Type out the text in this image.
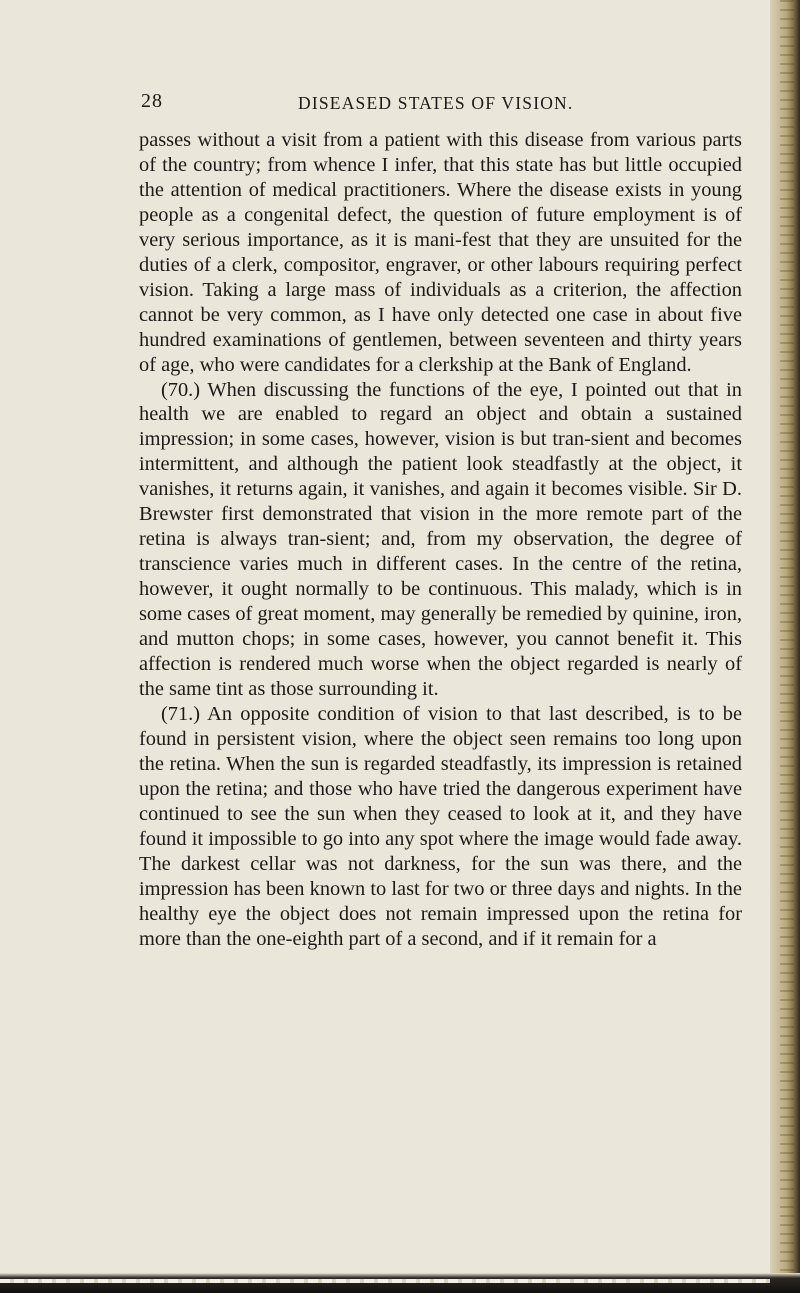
28	DISEASED STATES OF VISION.

passes without a visit from a patient with this disease from various parts of the country; from whence I infer, that this state has but little occupied the attention of medical practitioners. Where the disease exists in young people as a congenital defect, the question of future employment is of very serious importance, as it is mani-fest that they are unsuited for the duties of a clerk, compositor, engraver, or other labours requiring perfect vision. Taking a large mass of individuals as a criterion, the affection cannot be very common, as I have only detected one case in about five hundred examinations of gentlemen, between seventeen and thirty years of age, who were candidates for a clerkship at the Bank of England.

(70.) When discussing the functions of the eye, I pointed out that in health we are enabled to regard an object and obtain a sustained impression; in some cases, however, vision is but tran-sient and becomes intermittent, and although the patient look steadfastly at the object, it vanishes, it returns again, it vanishes, and again it becomes visible. Sir D. Brewster first demonstrated that vision in the more remote part of the retina is always tran-sient; and, from my observation, the degree of transcience varies much in different cases. In the centre of the retina, however, it ought normally to be continuous. This malady, which is in some cases of great moment, may generally be remedied by quinine, iron, and mutton chops; in some cases, however, you cannot benefit it. This affection is rendered much worse when the object regarded is nearly of the same tint as those surrounding it.

(71.) An opposite condition of vision to that last described, is to be found in persistent vision, where the object seen remains too long upon the retina. When the sun is regarded steadfastly, its impression is retained upon the retina; and those who have tried the dangerous experiment have continued to see the sun when they ceased to look at it, and they have found it impossible to go into any spot where the image would fade away. The darkest cellar was not darkness, for the sun was there, and the impression has been known to last for two or three days and nights. In the healthy eye the object does not remain impressed upon the retina for more than the one-eighth part of a second, and if it remain for a
